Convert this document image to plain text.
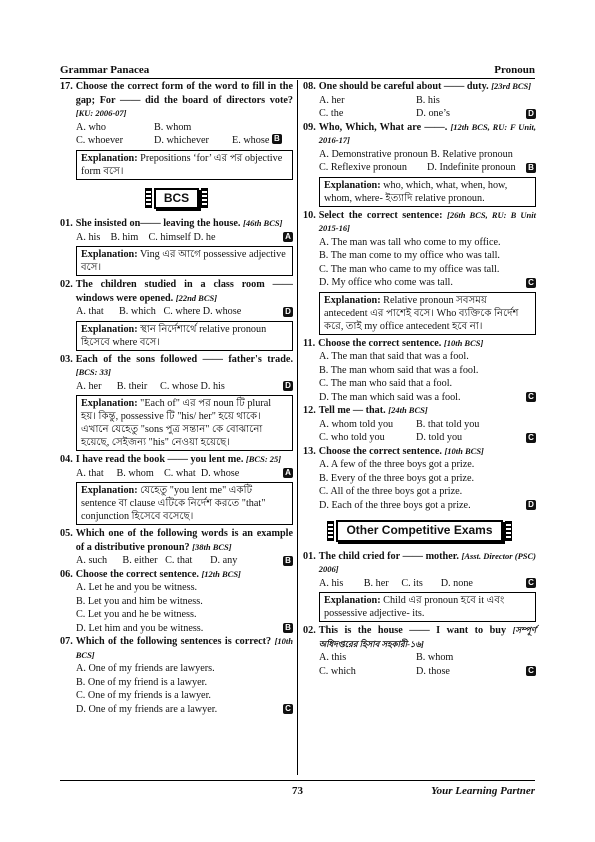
Grammar Panacea	Pronoun
17. Choose the correct form of the word to fill in the gap; For —— did the board of directors vote? [KU: 2006-07]
A. who	B. whom
C. whoever	D. whichever	E. whose
B
Explanation: Prepositions ‘for’ এর পর objective form বসে।
BCS
01. She insisted on—— leaving the house. [46th BCS]
A. his B. him C. himself D. he	A
Explanation: Ving এর আগে possessive adjective বসে।
02. The children studied in a class room —— windows were opened. [22nd BCS]
A. that B. which C. where D. whose	D
Explanation: স্থান নির্দেশার্থে relative pronoun হিসেবে where বসে।
03. Each of the sons followed —— father's trade. [BCS: 33]
A. her B. their C. whose D. his	D
Explanation: "Each of" এর পর noun টি plural হয়। কিন্তু, possessive টি "his/ her" হয়ে থাকে। এখানে যেহেতু "sons পুত্র সন্তান" কে বোঝানো হয়েছে, সেইজন্য "his" নেওয়া হয়েছে।
04. I have read the book —— you lent me. [BCS: 25]
A. that B. whom C. what D. whose	A
Explanation: যেহেতু "you lent me" একটি sentence বা clause এটিকে নির্দেশ করতে "that" conjunction হিসেবে বসেছে।
05. Which one of the following words is an example of a distributive pronoun? [38th BCS]
A. such B. either C. that D. any	B
06. Choose the correct sentence. [12th BCS]
A. Let he and you be witness.
B. Let you and him be witness.
C. Let you and he be witness.
D. Let him and you be witness.	B
07. Which of the following sentences is correct? [10th BCS]
A. One of my friends are lawyers.
B. One of my friend is a lawyer.
C. One of my friends is a lawyer.
D. One of my friends are a lawyer.	C
08. One should be careful about —— duty. [23rd BCS]
A. her	B. his
C. the	D. one’s	D
09. Who, Which, What are ——. [12th BCS, RU: F Unit, 2016-17]
A. Demonstrative pronoun
B. Relative pronoun
C. Reflexive pronoun D. Indefinite pronoun B
Explanation: who, which, what, when, how, whom, where- ইত্যাদি relative pronoun.
10. Select the correct sentence: [26th BCS, RU: B Unit 2015-16]
A. The man was tall who come to my office.
B. The man come to my office who was tall.
C. The man who came to my office was tall.
D. My office who come was tall.	C
Explanation: Relative pronoun সবসময় antecedent এর পাশেই বসে। Who ব্যক্তিকে নির্দেশ করে, তাই my office antecedent হবে না।
11. Choose the correct sentence. [10th BCS]
A. The man that said that was a fool.
B. The man whom said that was a fool.
C. The man who said that a fool.
D. The man which said was a fool.	C
12. Tell me — that. [24th BCS]
A. whom told you	B. that told you
C. who told you	D. told you	C
13. Choose the correct sentence. [10th BCS]
A. A few of the three boys got a prize.
B. Every of the three boys got a prize.
C. All of the three boys got a prize.
D. Each of the three boys got a prize.	D
Other Competitive Exams
01. The child cried for —— mother. [Asst. Director (PSC) 2006]
A. his B. her C. its D. none	C
Explanation: Child এর pronoun হবে it এবং possessive adjective- its.
02. This is the house —— I want to buy [সম্পূর্ণ অধিদপ্তরের হিসাব সহকারী-১৬]
A. this	B. whom
C. which	D. those	C
73	Your Learning Partner
